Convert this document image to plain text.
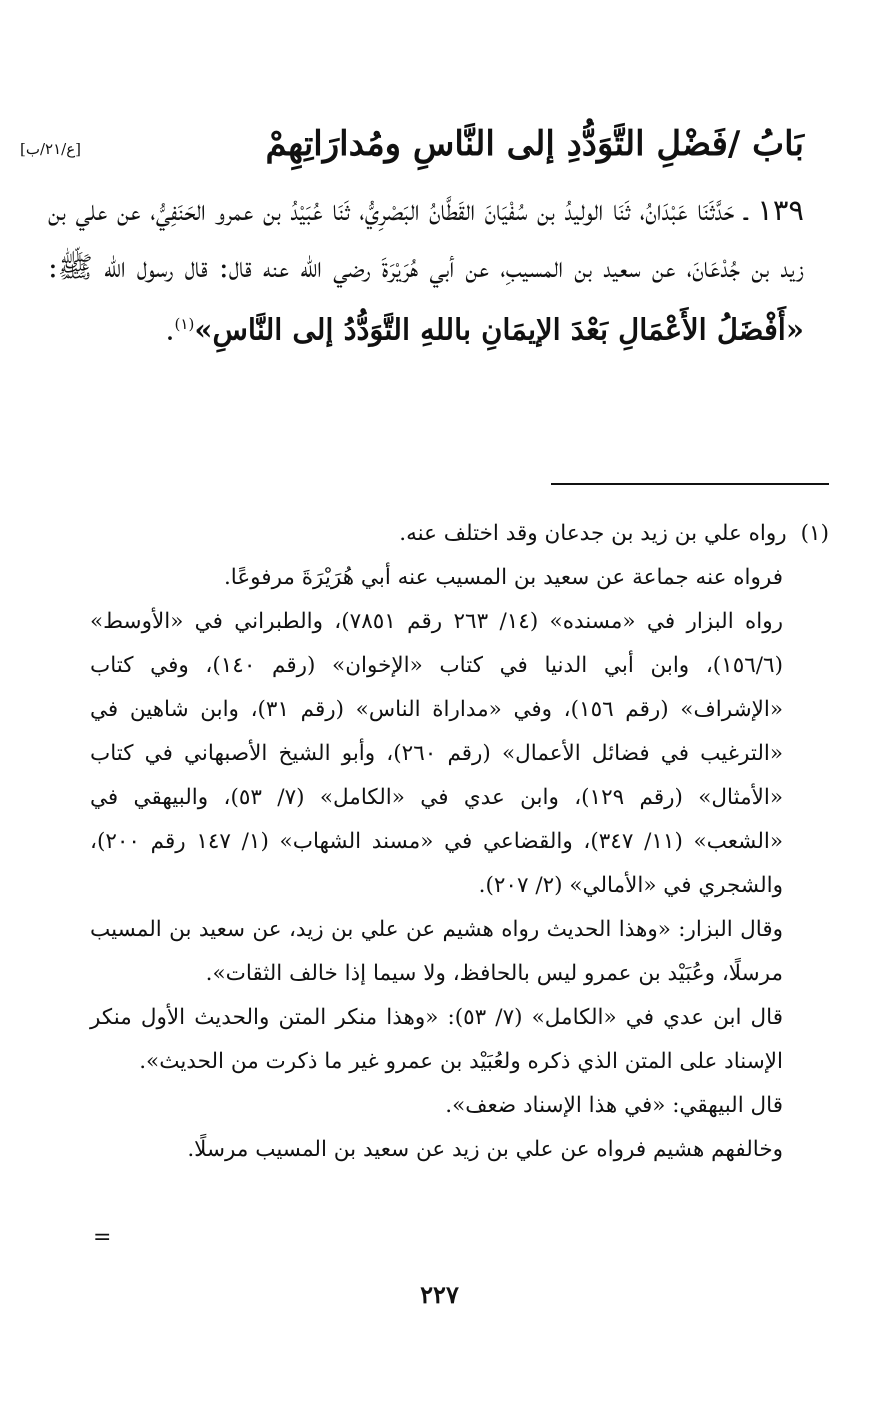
بَابُ /فَضْلِ التَّوَدُّدِ إلى النَّاسِ ومُدارَاتِهِمْ
[ع/٢١/ب]

١٣٩ ـ حَدَّثَنَا عَبْدَانُ، ثَنَا الوليدُ بن سُفْيَانَ القَطَّانُ البَصْرِيُّ، ثَنَا عُبَيْدُ بن عمرو الحَنَفِيُّ، عن علي بن زيد بن جُدْعَانَ، عن سعيد بن المسيبِ، عن أبي هُرَيْرَةَ رضي الله عنه قال: قال رسول الله ﷺ: «أَفْضَلُ الأَعْمَالِ بَعْدَ الإيمَانِ باللهِ التَّوَدُّدُ إلى النَّاسِ»$^{(١)}$.

(١)رواه علي بن زيد بن جدعان وقد اختلف عنه.

فرواه عنه جماعة عن سعيد بن المسيب عنه أبي هُرَيْرَةَ مرفوعًا.

رواه البزار في «مسنده» (١٤/ ٢٦٣ رقم ٧٨٥١)، والطبراني في «الأوسط» (١٥٦/٦)، وابن أبي الدنيا في كتاب «الإخوان» (رقم ١٤٠)، وفي كتاب «الإشراف» (رقم ١٥٦)، وفي «مداراة الناس» (رقم ٣١)، وابن شاهين في «الترغيب في فضائل الأعمال» (رقم ٢٦٠)، وأبو الشيخ الأصبهاني في كتاب «الأمثال» (رقم ١٢٩)، وابن عدي في «الكامل» (٧/ ٥٣)، والبيهقي في «الشعب» (١١/ ٣٤٧)، والقضاعي في «مسند الشهاب» (١/ ١٤٧ رقم ٢٠٠)، والشجري في «الأمالي» (٢/ ٢٠٧).

وقال البزار: «وهذا الحديث رواه هشيم عن علي بن زيد، عن سعيد بن المسيب مرسلًا، وعُبَيْد بن عمرو ليس بالحافظ، ولا سيما إذا خالف الثقات».

قال ابن عدي في «الكامل» (٧/ ٥٣): «وهذا منكر المتن والحديث الأول منكر الإسناد على المتن الذي ذكره ولعُبَيْد بن عمرو غير ما ذكرت من الحديث».

قال البيهقي: «في هذا الإسناد ضعف».

وخالفهم هشيم فرواه عن علي بن زيد عن سعيد بن المسيب مرسلًا.

=
٢٢٧
